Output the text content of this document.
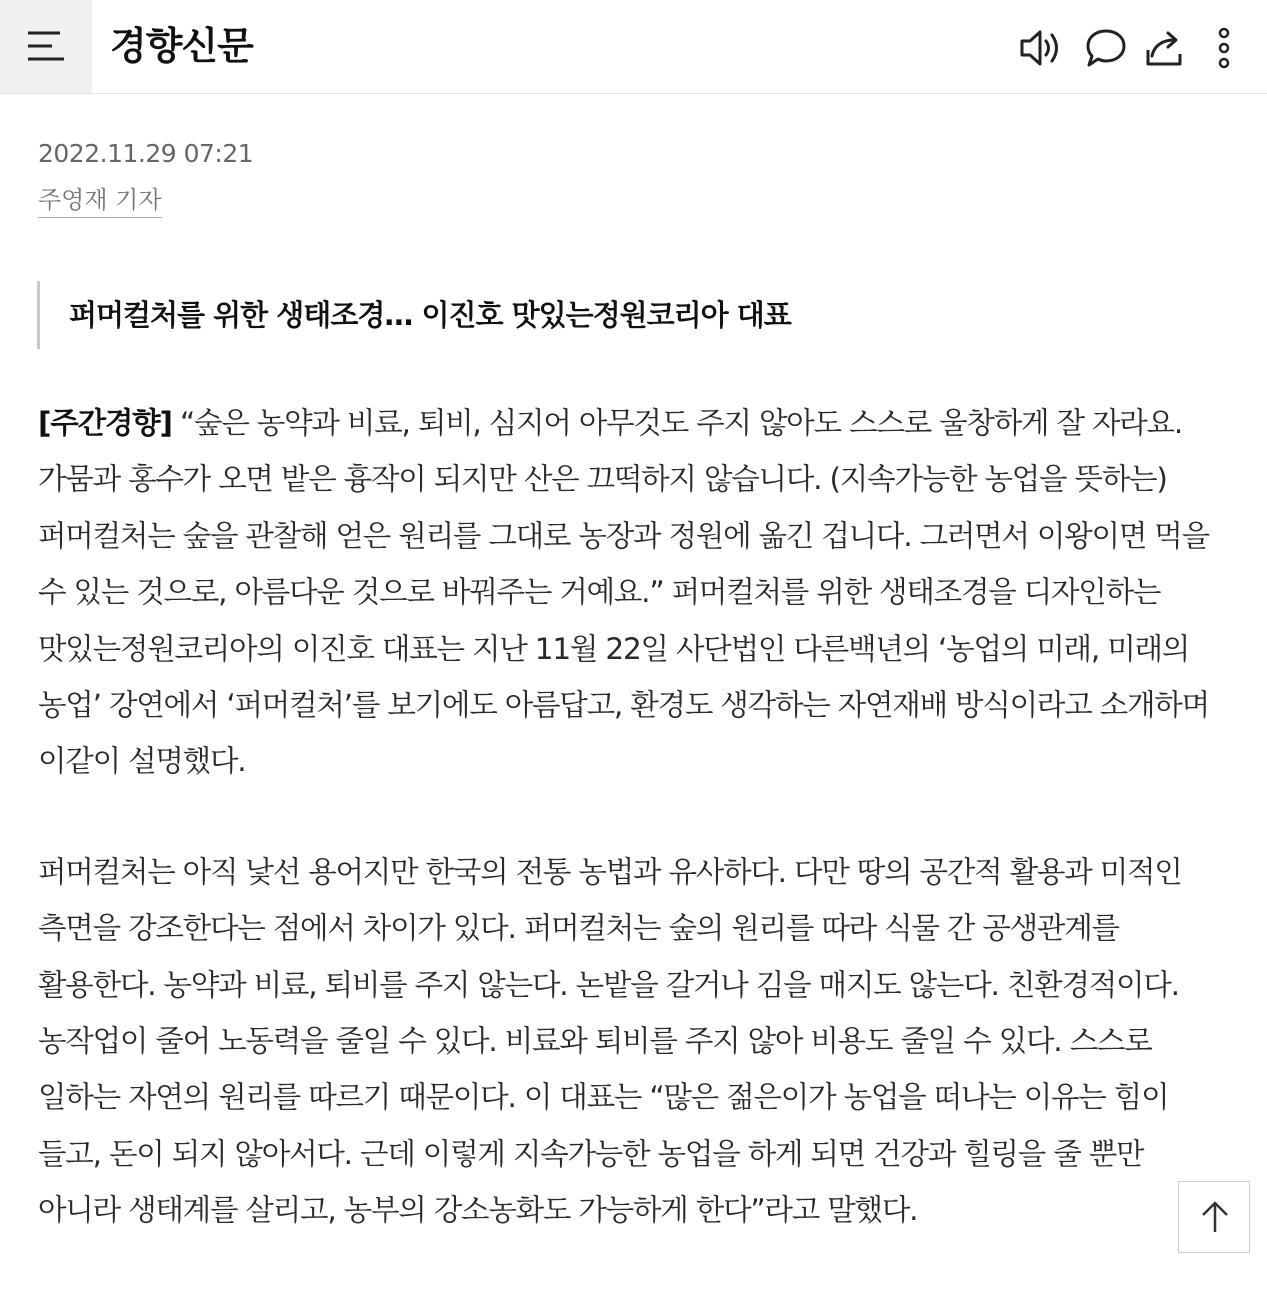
경향신문
2022.11.29 07:21
주영재 기자
퍼머컬처를 위한 생태조경… 이진호 맛있는정원코리아 대표

[주간경향] “숲은 농약과 비료, 퇴비, 심지어 아무것도 주지 않아도 스스로 울창하게 잘 자라요. 가뭄과 홍수가 오면 밭은 흉작이 되지만 산은 끄떡하지 않습니다. (지속가능한 농업을 뜻하는) 퍼머컬처는 숲을 관찰해 얻은 원리를 그대로 농장과 정원에 옮긴 겁니다. 그러면서 이왕이면 먹을 수 있는 것으로, 아름다운 것으로 바꿔주는 거예요.” 퍼머컬처를 위한 생태조경을 디자인하는 맛있는정원코리아의 이진호 대표는 지난 11월 22일 사단법인 다른백년의 ‘농업의 미래, 미래의 농업’ 강연에서 ‘퍼머컬처’를 보기에도 아름답고, 환경도 생각하는 자연재배 방식이라고 소개하며 이같이 설명했다.

퍼머컬처는 아직 낯선 용어지만 한국의 전통 농법과 유사하다. 다만 땅의 공간적 활용과 미적인 측면을 강조한다는 점에서 차이가 있다. 퍼머컬처는 숲의 원리를 따라 식물 간 공생관계를 활용한다. 농약과 비료, 퇴비를 주지 않는다. 논밭을 갈거나 김을 매지도 않는다. 친환경적이다. 농작업이 줄어 노동력을 줄일 수 있다. 비료와 퇴비를 주지 않아 비용도 줄일 수 있다. 스스로 일하는 자연의 원리를 따르기 때문이다. 이 대표는 “많은 젊은이가 농업을 떠나는 이유는 힘이 들고, 돈이 되지 않아서다. 근데 이렇게 지속가능한 농업을 하게 되면 건강과 힐링을 줄 뿐만 아니라 생태계를 살리고, 농부의 강소농화도 가능하게 한다”라고 말했다.
